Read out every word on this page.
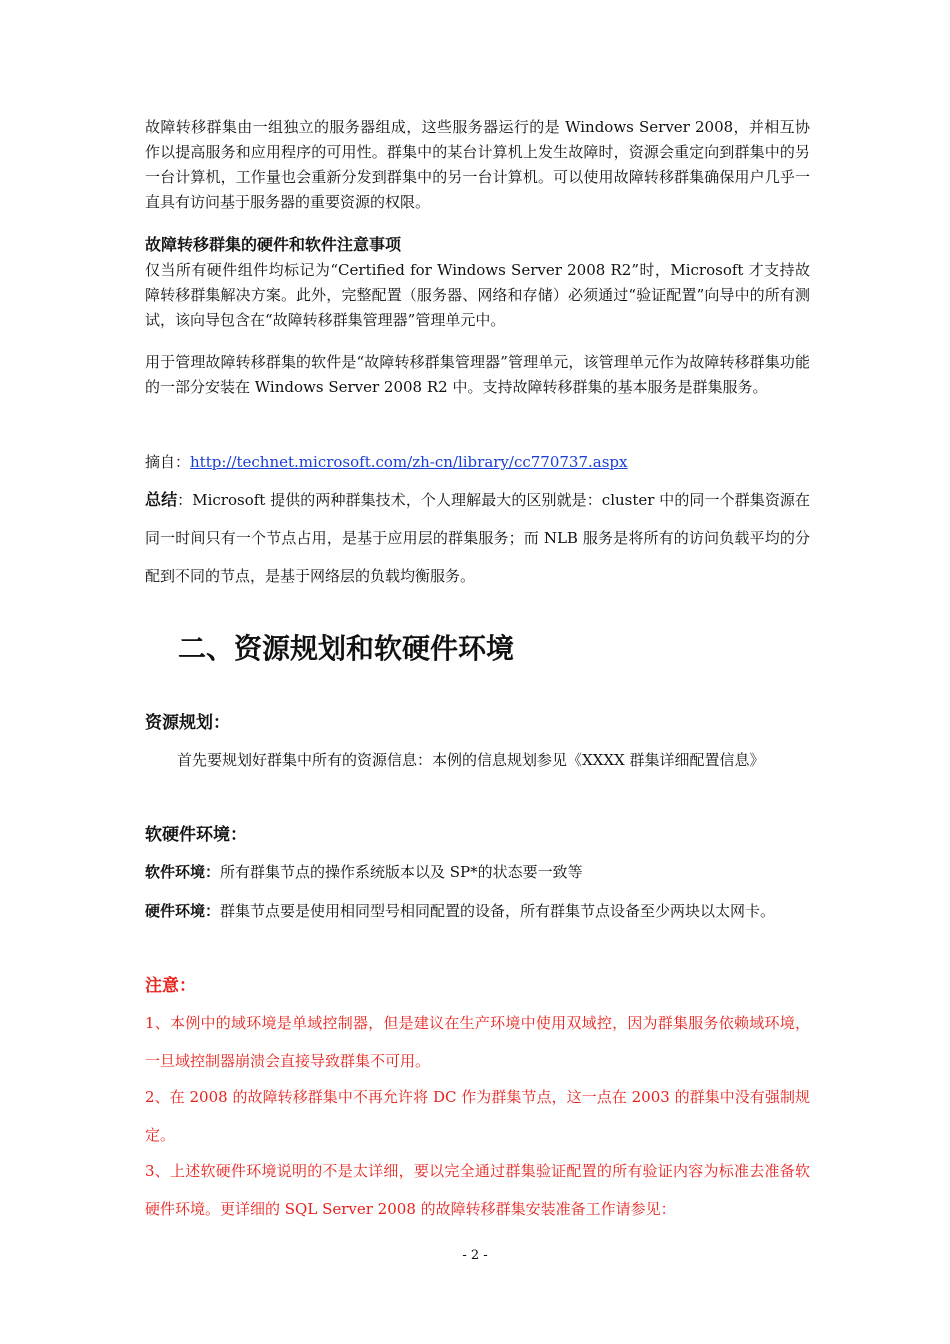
故障转移群集由一组独立的服务器组成，这些服务器运行的是 Windows Server 2008，并相互协作以提高服务和应用程序的可用性。群集中的某台计算机上发生故障时，资源会重定向到群集中的另一台计算机，工作量也会重新分发到群集中的另一台计算机。可以使用故障转移群集确保用户几乎一直具有访问基于服务器的重要资源的权限。

故障转移群集的硬件和软件注意事项

仅当所有硬件组件均标记为“Certified for Windows Server 2008 R2”时，Microsoft 才支持故障转移群集解决方案。此外，完整配置（服务器、网络和存储）必须通过“验证配置”向导中的所有测试，该向导包含在“故障转移群集管理器”管理单元中。

用于管理故障转移群集的软件是“故障转移群集管理器”管理单元，该管理单元作为故障转移群集功能的一部分安装在 Windows Server 2008 R2 中。支持故障转移群集的基本服务是群集服务。

摘自：http://technet.microsoft.com/zh-cn/library/cc770737.aspx

总结：Microsoft 提供的两种群集技术，个人理解最大的区别就是：cluster 中的同一个群集资源在同一时间只有一个节点占用，是基于应用层的群集服务；而 NLB 服务是将所有的访问负载平均的分配到不同的节点，是基于网络层的负载均衡服务。

二、资源规划和软硬件环境
资源规划：

首先要规划好群集中所有的资源信息：本例的信息规划参见《XXXX 群集详细配置信息》

软硬件环境：

软件环境：所有群集节点的操作系统版本以及 SP*的状态要一致等

硬件环境：群集节点要是使用相同型号相同配置的设备，所有群集节点设备至少两块以太网卡。

注意：

1、本例中的域环境是单域控制器，但是建议在生产环境中使用双域控，因为群集服务依赖域环境，一旦域控制器崩溃会直接导致群集不可用。

2、在 2008 的故障转移群集中不再允许将 DC 作为群集节点，这一点在 2003 的群集中没有强制规定。

3、上述软硬件环境说明的不是太详细，要以完全通过群集验证配置的所有验证内容为标准去准备软硬件环境。更详细的 SQL Server 2008 的故障转移群集安装准备工作请参见：

- 2 -
